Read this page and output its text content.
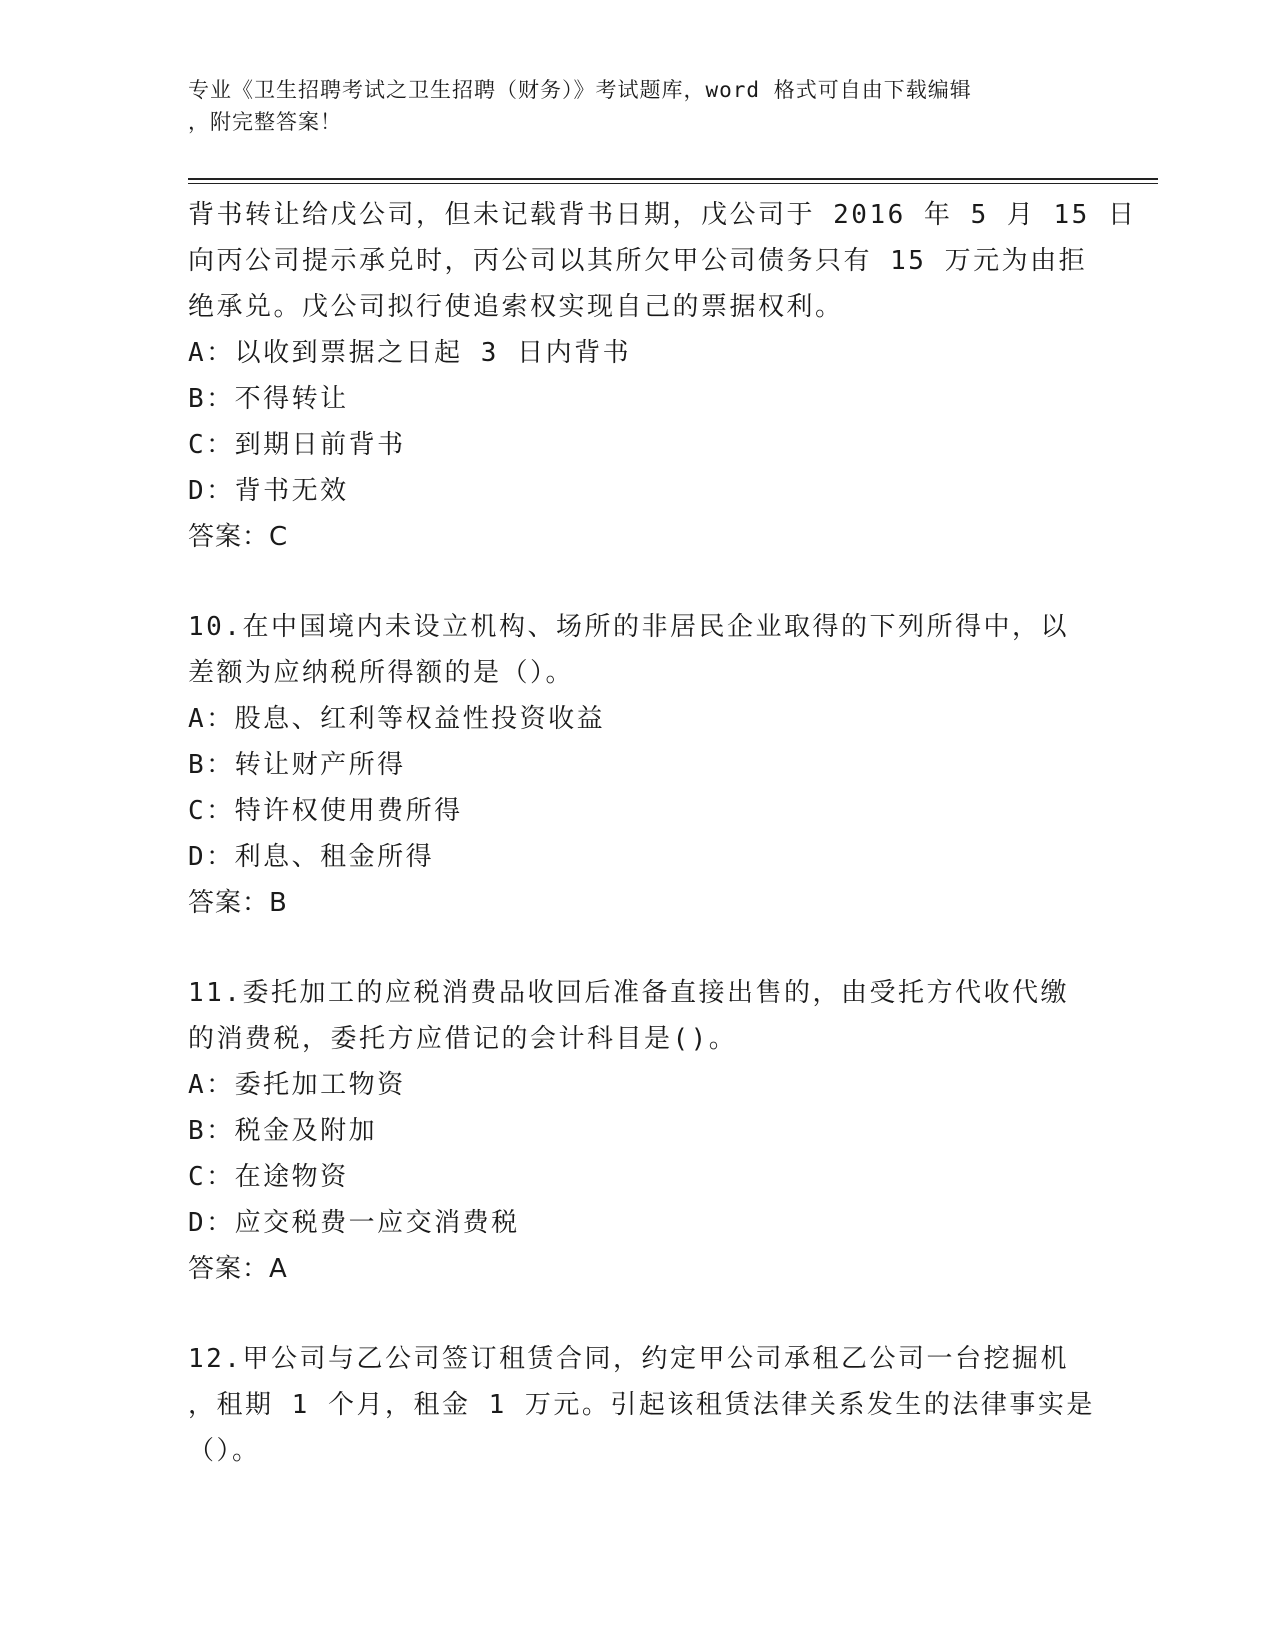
专业《卫生招聘考试之卫生招聘（财务）》考试题库，word 格式可自由下载编辑
，附完整答案！
背书转让给戊公司，但未记载背书日期，戊公司于 2016 年 5 月 15 日
向丙公司提示承兑时，丙公司以其所欠甲公司债务只有 15 万元为由拒
绝承兑。戊公司拟行使追索权实现自己的票据权利。
A：以收到票据之日起 3 日内背书
B：不得转让
C：到期日前背书
D：背书无效
答案：C
10.在中国境内未设立机构、场所的非居民企业取得的下列所得中，以
差额为应纳税所得额的是（）。
A：股息、红利等权益性投资收益
B：转让财产所得
C：特许权使用费所得
D：利息、租金所得
答案：B
11.委托加工的应税消费品收回后准备直接出售的，由受托方代收代缴
的消费税，委托方应借记的会计科目是()。
A：委托加工物资
B：税金及附加
C：在途物资
D：应交税费一应交消费税
答案：A
12.甲公司与乙公司签订租赁合同，约定甲公司承租乙公司一台挖掘机
，租期 1 个月，租金 1 万元。引起该租赁法律关系发生的法律事实是
（）。
